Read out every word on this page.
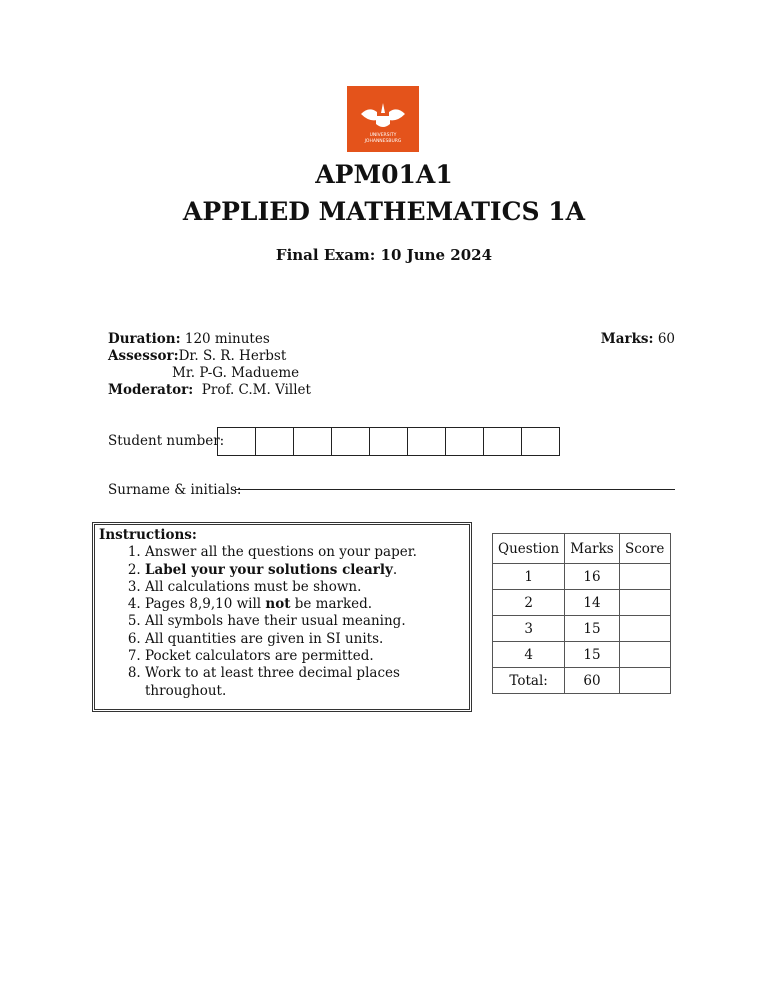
UNIVERSITY
JOHANNESBURG
APM01A1
APPLIED MATHEMATICS 1A
Final Exam: 10 June 2024
Duration: 120 minutes
Assessor:Dr. S. R. Herbst
Mr. P-G. Madueme
Moderator: Prof. C.M. Villet
Marks: 60
Student number:
Surname & initials:
Instructions:
1. Answer all the questions on your paper.
2. Label your your solutions clearly.
3. All calculations must be shown.
4. Pages 8,9,10 will not be marked.
5. All symbols have their usual meaning.
6. All quantities are given in SI units.
7. Pocket calculators are permitted.
8. Work to at least three decimal places throughout.
Question	Marks	Score
1	16	
2	14	
3	15	
4	15	
Total:	60	
